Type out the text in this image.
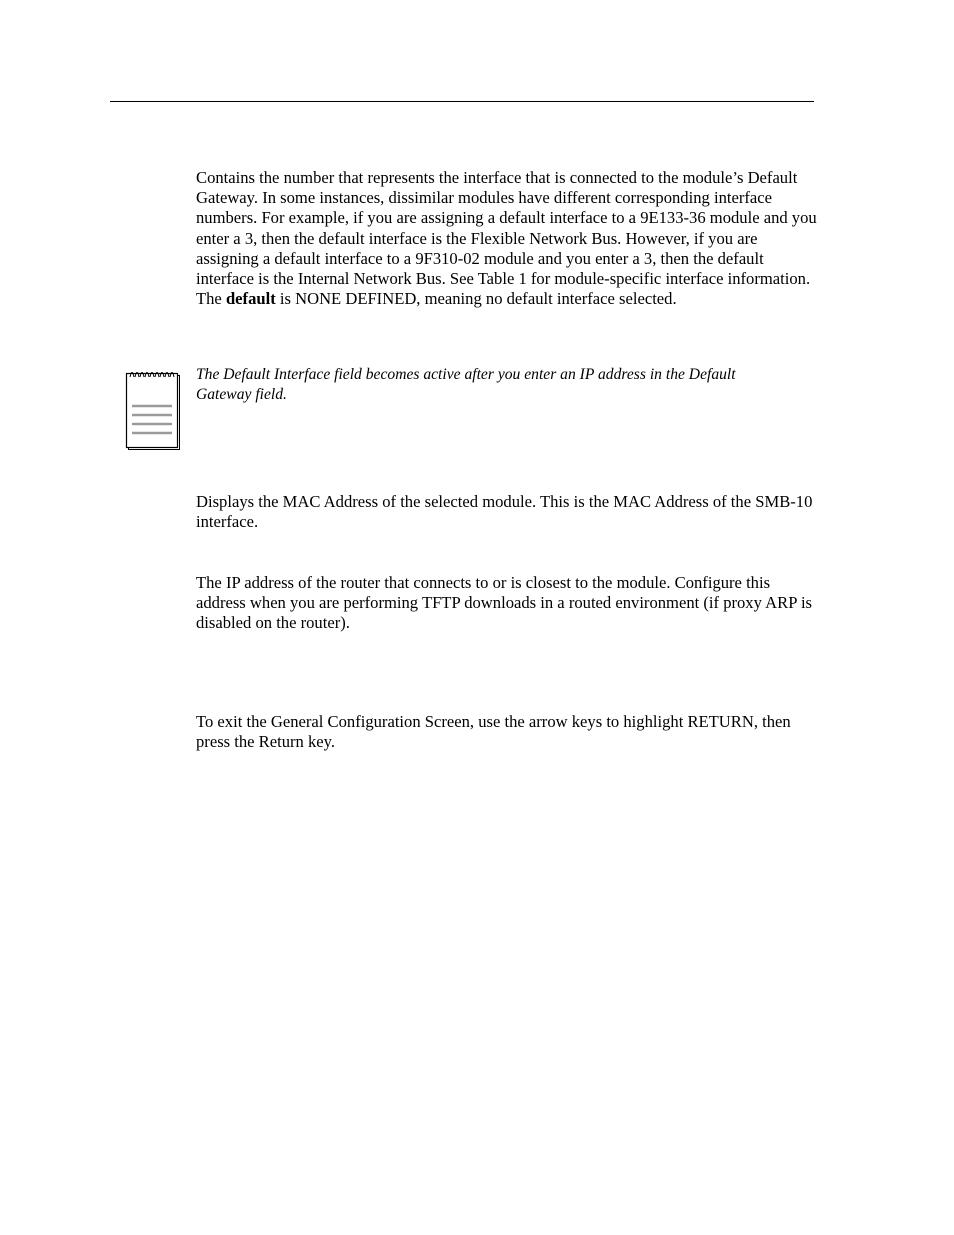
Contains the number that represents the interface that is connected to the module’s Default Gateway. In some instances, dissimilar modules have different corresponding interface numbers. For example, if you are assigning a default interface to a 9E133-36 module and you enter a 3, then the default interface is the Flexible Network Bus. However, if you are assigning a default interface to a 9F310-02 module and you enter a 3, then the default interface is the Internal Network Bus. See Table 1 for module-specific interface information. The default is NONE DEFINED, meaning no default interface selected.

The Default Interface field becomes active after you enter an IP address in the Default Gateway field.

Displays the MAC Address of the selected module. This is the MAC Address of the SMB-10 interface.

The IP address of the router that connects to or is closest to the module. Configure this address when you are performing TFTP downloads in a routed environment (if proxy ARP is disabled on the router).

To exit the General Configuration Screen, use the arrow keys to highlight RETURN, then press the Return key.
